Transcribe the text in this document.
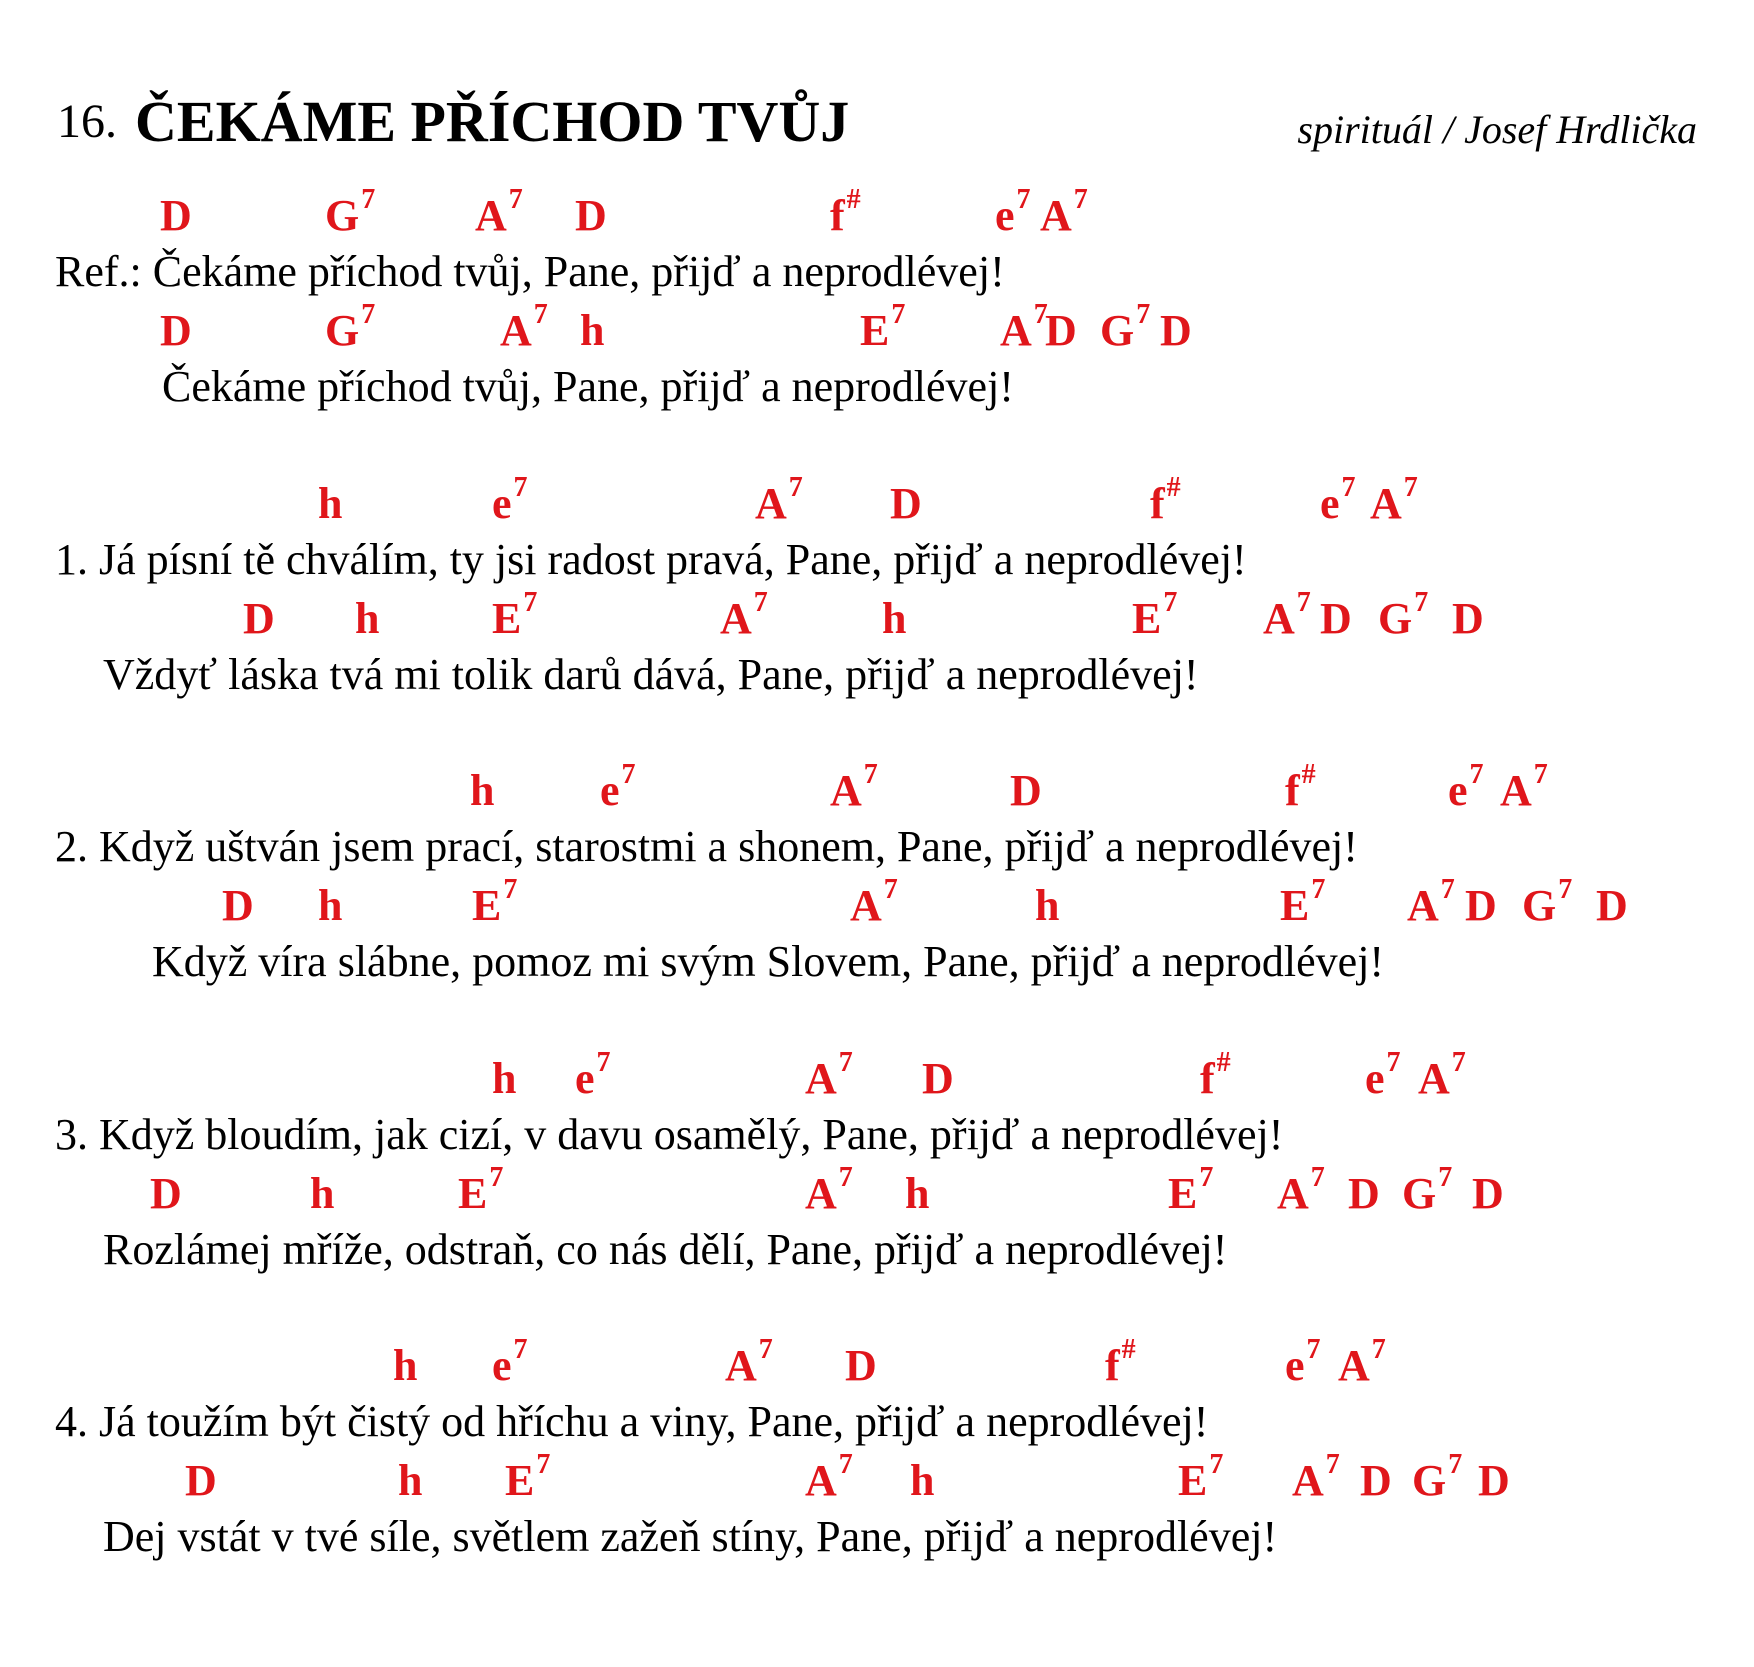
16. ČEKÁME PŘÍCHOD TVŮJ	spirituál / Josef Hrdlička
D	$G^7$ $A^7$ D	f#	$e^7$ $A^7$
Ref.: Čekáme příchod tvůj, Pane, přijď a neprodlévej!
D	$G^7$	$A^7$ h	$E^7$ $A^7$
D $G^7$ D
Čekáme příchod tvůj, Pane, přijď a neprodlévej!
h	$e^7$	$A^7$ D	f#	$e^7$ $A^7$
1. Já písní tě chválím, ty jsi radost pravá, Pane, přijď a neprodlévej!
D h	$E^7$	$A^7$	h	$E^7$ $A^7$ D $G^7$ D
Vždyť láska tvá mi tolik darů dává, Pane, přijď a neprodlévej!
h $e^7$	$A^7$	D	f#	$e^7$ $A^7$
2. Když uštván jsem prací, starostmi a shonem, Pane, přijď a neprodlévej!
D h	$E^7$	$A^7$	h	$E^7$ $A^7$ D $G^7$ D
Když víra slábne, pomoz mi svým Slovem, Pane, přijď a neprodlévej!
h $e^7$	$A^7$ D	f#	$e^7$ $A^7$
3. Když bloudím, jak cizí, v davu osamělý, Pane, přijď a neprodlévej!
D	h	$E^7$	$A^7$ h	$E^7$ $A^7$ D $G^7$ D
Rozlámej mříže, odstraň, co nás dělí, Pane, přijď a neprodlévej!
h $e^7$	$A^7$ D	f#	$e^7$ $A^7$
4. Já toužím být čistý od hříchu a viny, Pane, přijď a neprodlévej!
D	h $E^7$	$A^7$ h	$E^7$ $A^7$ D $G^7$ D
Dej vstát v tvé síle, světlem zažeň stíny, Pane, přijď a neprodlévej!
